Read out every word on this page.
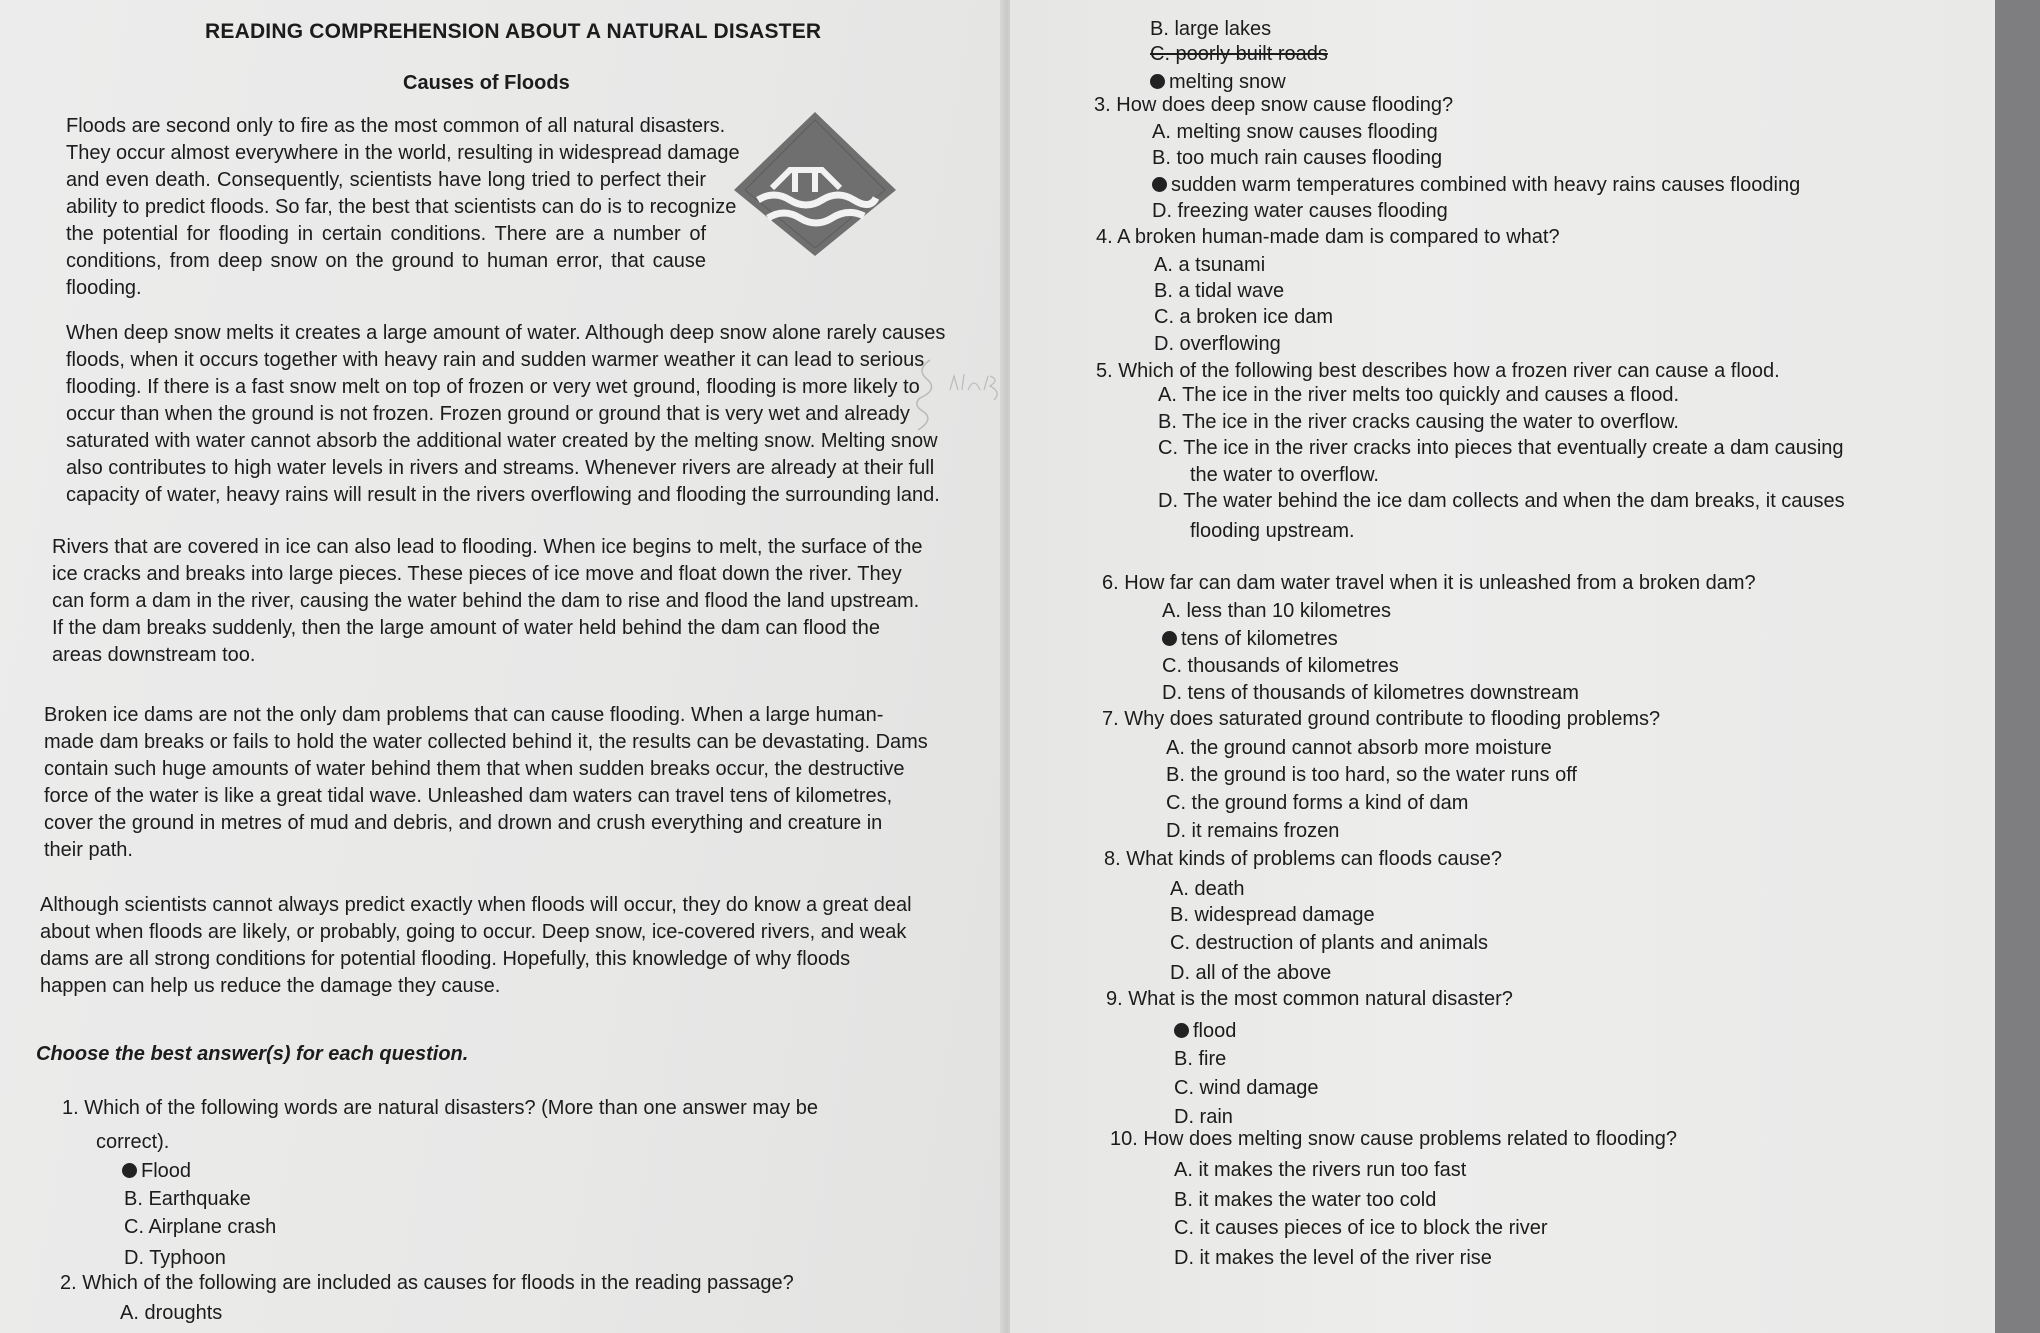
READING COMPREHENSION ABOUT A NATURAL DISASTER
Causes of Floods
Floods are second only to fire as the most common of all natural disasters.
They occur almost everywhere in the world, resulting in widespread damage
and even death. Consequently, scientists have long tried to perfect their
ability to predict floods. So far, the best that scientists can do is to recognize
the potential for flooding in certain conditions. There are a number of
conditions, from deep snow on the ground to human error, that cause
flooding.
When deep snow melts it creates a large amount of water. Although deep snow alone rarely causes
floods, when it occurs together with heavy rain and sudden warmer weather it can lead to serious
flooding. If there is a fast snow melt on top of frozen or very wet ground, flooding is more likely to
occur than when the ground is not frozen. Frozen ground or ground that is very wet and already
saturated with water cannot absorb the additional water created by the melting snow. Melting snow
also contributes to high water levels in rivers and streams. Whenever rivers are already at their full
capacity of water, heavy rains will result in the rivers overflowing and flooding the surrounding land.
Rivers that are covered in ice can also lead to flooding. When ice begins to melt, the surface of the
ice cracks and breaks into large pieces. These pieces of ice move and float down the river. They
can form a dam in the river, causing the water behind the dam to rise and flood the land upstream.
If the dam breaks suddenly, then the large amount of water held behind the dam can flood the
areas downstream too.
Broken ice dams are not the only dam problems that can cause flooding. When a large human-
made dam breaks or fails to hold the water collected behind it, the results can be devastating. Dams
contain such huge amounts of water behind them that when sudden breaks occur, the destructive
force of the water is like a great tidal wave. Unleashed dam waters can travel tens of kilometres,
cover the ground in metres of mud and debris, and drown and crush everything and creature in
their path.
Although scientists cannot always predict exactly when floods will occur, they do know a great deal
about when floods are likely, or probably, going to occur. Deep snow, ice-covered rivers, and weak
dams are all strong conditions for potential flooding. Hopefully, this knowledge of why floods
happen can help us reduce the damage they cause.
Choose the best answer(s) for each question.
1. Which of the following words are natural disasters? (More than one answer may be
correct).
Flood
B. Earthquake
C. Airplane crash
D. Typhoon
2. Which of the following are included as causes for floods in the reading passage?
A. droughts
B. large lakes
C. poorly built roads
melting snow
3. How does deep snow cause flooding?
A. melting snow causes flooding
B. too much rain causes flooding
sudden warm temperatures combined with heavy rains causes flooding
D. freezing water causes flooding
4. A broken human-made dam is compared to what?
A. a tsunami
B. a tidal wave
C. a broken ice dam
D. overflowing
5. Which of the following best describes how a frozen river can cause a flood.
A. The ice in the river melts too quickly and causes a flood.
B. The ice in the river cracks causing the water to overflow.
C. The ice in the river cracks into pieces that eventually create a dam causing
the water to overflow.
D. The water behind the ice dam collects and when the dam breaks, it causes
flooding upstream.
6. How far can dam water travel when it is unleashed from a broken dam?
A. less than 10 kilometres
tens of kilometres
C. thousands of kilometres
D. tens of thousands of kilometres downstream
7. Why does saturated ground contribute to flooding problems?
A. the ground cannot absorb more moisture
B. the ground is too hard, so the water runs off
C. the ground forms a kind of dam
D. it remains frozen
8. What kinds of problems can floods cause?
A. death
B. widespread damage
C. destruction of plants and animals
D. all of the above
9. What is the most common natural disaster?
flood
B. fire
C. wind damage
D. rain
10. How does melting snow cause problems related to flooding?
A. it makes the rivers run too fast
B. it makes the water too cold
C. it causes pieces of ice to block the river
D. it makes the level of the river rise
